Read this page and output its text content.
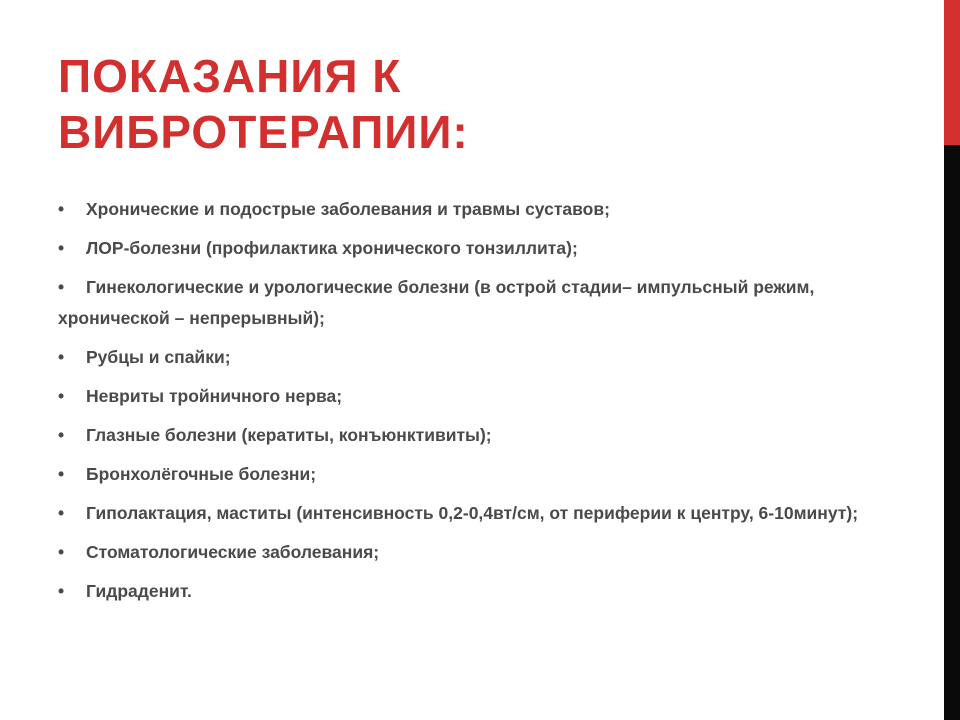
ПОКАЗАНИЯ К
ВИБРОТЕРАПИИ:
• Хронические и подострые заболевания и травмы суставов;
• ЛОР-болезни (профилактика хронического тонзиллита);
• Гинекологические и урологические болезни (в острой стадии– импульсный режим, хронической – непрерывный);
• Рубцы и спайки;
• Невриты тройничного нерва;
• Глазные болезни (кератиты, конъюнктивиты);
• Бронхолёгочные болезни;
• Гиполактация, маститы (интенсивность 0,2-0,4вт/см, от периферии к центру, 6-10минут);
• Стоматологические заболевания;
• Гидраденит.
